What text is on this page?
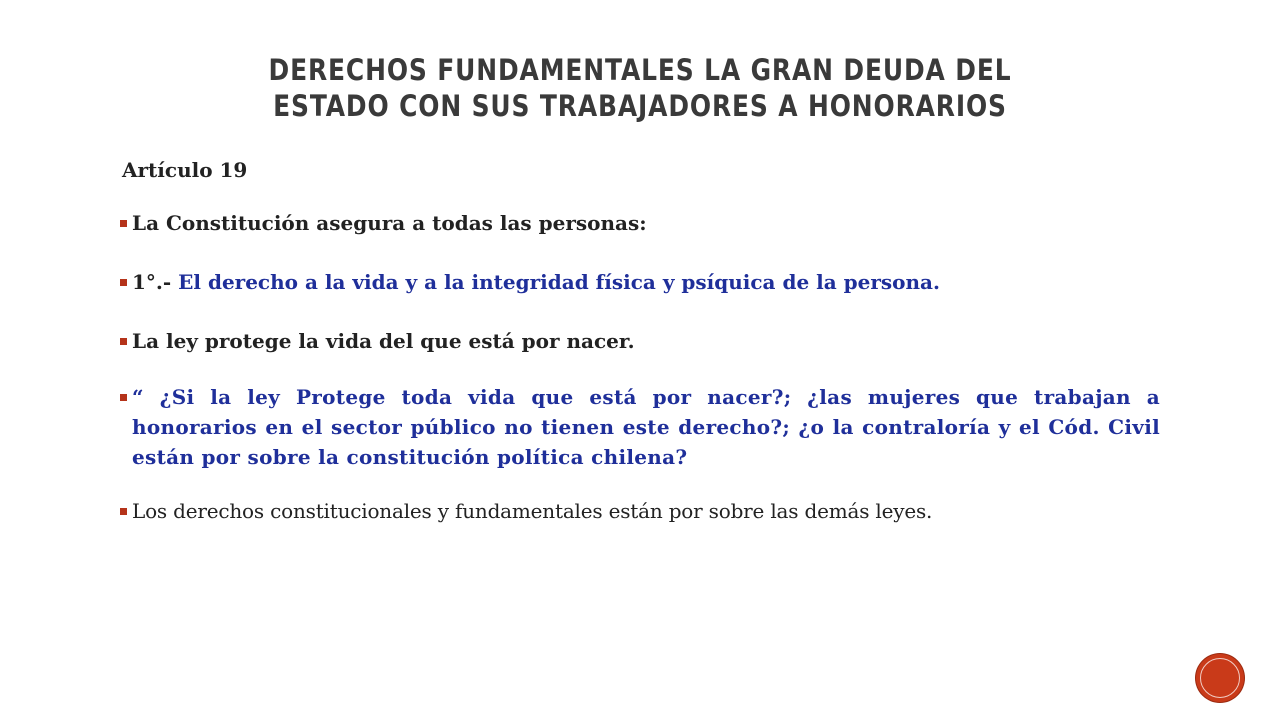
DERECHOS FUNDAMENTALES LA GRAN DEUDA DEL ESTADO CON SUS TRABAJADORES A HONORARIOS
Artículo 19
La Constitución asegura a todas las personas:
1°.- El derecho a la vida y a la integridad física y psíquica de la persona.
La ley protege la vida del que está por nacer.
“ ¿Si la ley Protege toda vida que está por nacer?; ¿las mujeres que trabajan a honorarios en el sector público no tienen este derecho?; ¿o la contraloría y el Cód. Civil están por sobre la constitución política chilena?
Los derechos constitucionales y fundamentales están por sobre las demás leyes.
